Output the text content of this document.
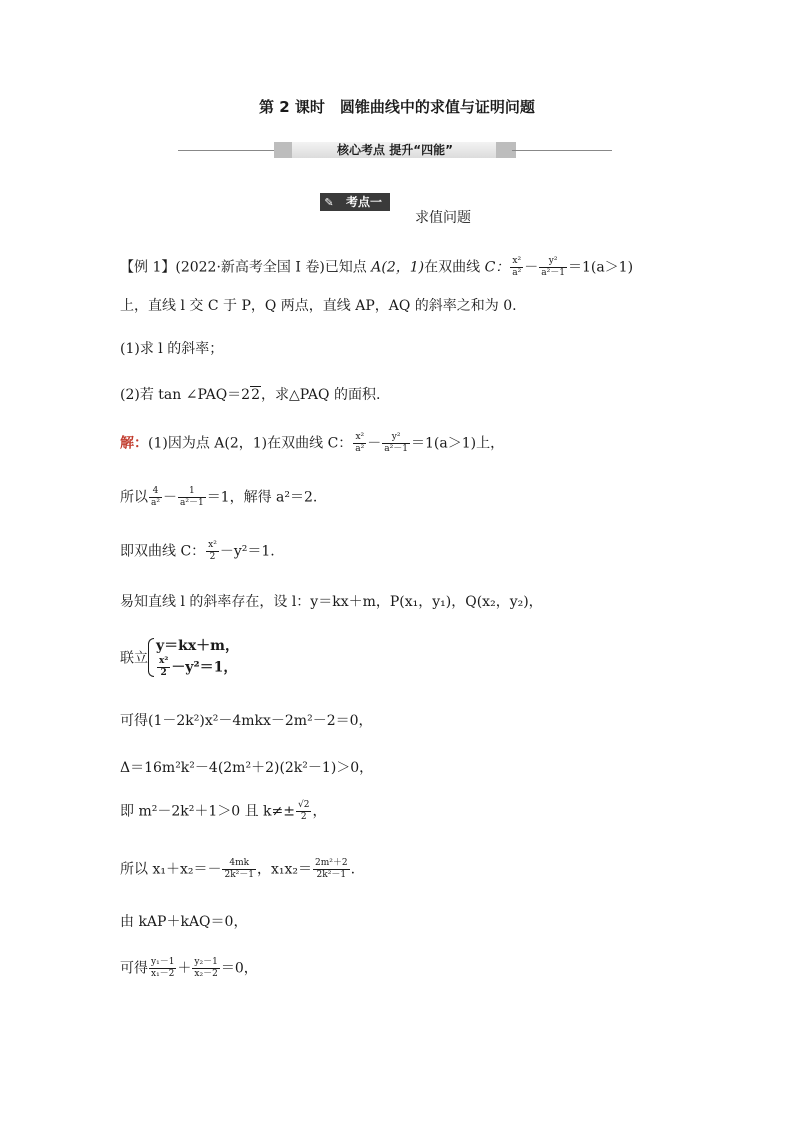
第 2 课时　圆锥曲线中的求值与证明问题
核心考点 提升“四能”
✎	考点一
求值问题
【例 1】(2022·新高考全国 I 卷)已知点 A(2，1)在双曲线 C： $\frac{\text{x²}}{\text{a²}} - \frac{\text{y²}}{\text{a²－1}} =1(a>1)$
上，直线 l 交 C 于 P，Q 两点，直线 AP，AQ 的斜率之和为 0.
(1)求 l 的斜率；
(2)若 tan ∠PAQ＝22，求△PAQ 的面积.
解：(1)因为点 A(2，1)在双曲线 C： $\frac{\text{x²}}{\text{a²}} - \frac{\text{y²}}{\text{a²－1}} =1(a>1)$上，
所以 $\frac{4}{\text{a²}} - \frac{1}{\text{a²－1}} =1$，解得 a²＝2.
即双曲线 C： $\frac{\text{x²}}{2} -y^2=1$.
易知直线 l 的斜率存在，设 l：y＝kx＋m，P(x₁，y₁)，Q(x₂，y₂)，
联立
y＝kx＋m，
$\frac{\text{x²}}{2} -y^2=1$，
可得(1－2k²)x²－4mkx－2m²－2＝0，
Δ＝16m²k²－4(2m²＋2)(2k²－1)＞0，
即 m²－2k²＋1＞0 且 $k\ne\pm \frac{√2}{2}$ ，
所以 $x_1+x_2=- \frac{4mk}{\text{2k²－1}}$ ，$x_1x_2= \frac{\text{2m²＋2}}{\text{2k²－1}}$ .
由 kAP＋kAQ＝0，
可得 $\frac{\text{y₁－1}}{\text{x₁－2}} + \frac{\text{y₂－1}}{\text{x₂－2}} =0$，
